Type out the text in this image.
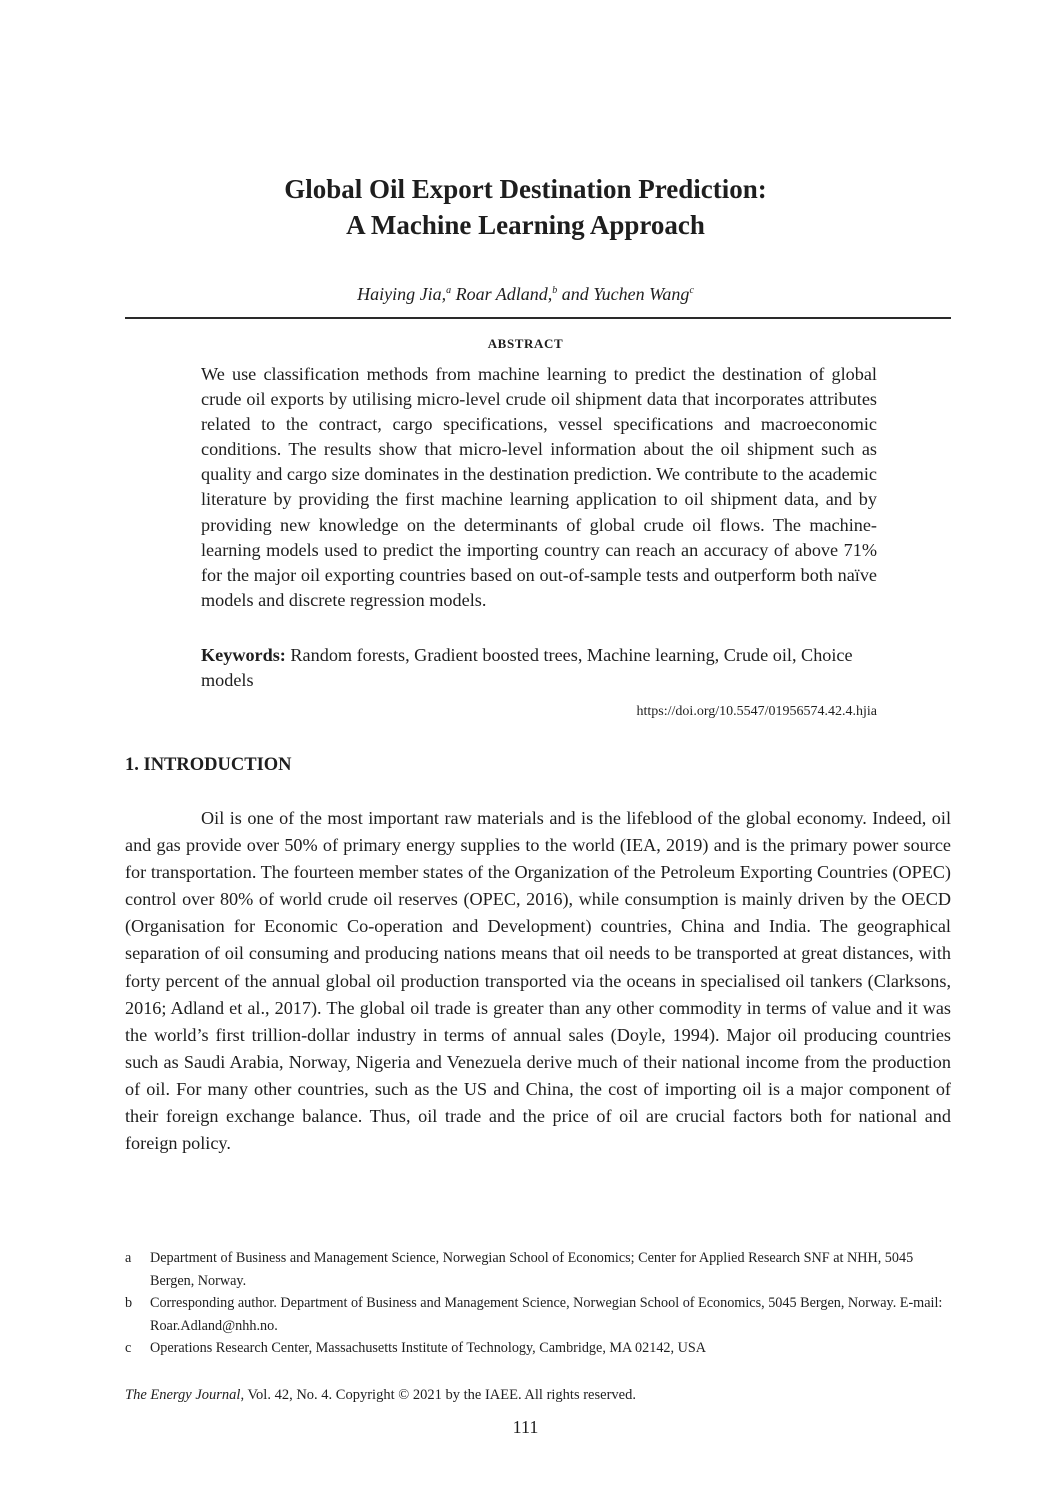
Global Oil Export Destination Prediction:
A Machine Learning Approach
Haiying Jia,$^a$ Roar Adland,$^b$ and Yuchen Wang$^c$
ABSTRACT

We use classification methods from machine learning to predict the destination of global crude oil exports by utilising micro-level crude oil shipment data that incorporates attributes related to the contract, cargo specifications, vessel specifications and macroeconomic conditions. The results show that micro-level information about the oil shipment such as quality and cargo size dominates in the destination prediction. We contribute to the academic literature by providing the first machine learning application to oil shipment data, and by providing new knowledge on the determinants of global crude oil flows. The machine-learning models used to predict the importing country can reach an accuracy of above 71% for the major oil exporting countries based on out-of-sample tests and outperform both naïve models and discrete regression models.

Keywords: Random forests, Gradient boosted trees, Machine learning, Crude oil, Choice models

https://doi.org/10.5547/01956574.42.4.hjia
1. INTRODUCTION

Oil is one of the most important raw materials and is the lifeblood of the global economy. Indeed, oil and gas provide over 50% of primary energy supplies to the world (IEA, 2019) and is the primary power source for transportation. The fourteen member states of the Organization of the Petroleum Exporting Countries (OPEC) control over 80% of world crude oil reserves (OPEC, 2016), while consumption is mainly driven by the OECD (Organisation for Economic Co-operation and Development) countries, China and India. The geographical separation of oil consuming and producing nations means that oil needs to be transported at great distances, with forty percent of the annual global oil production transported via the oceans in specialised oil tankers (Clarksons, 2016; Adland et al., 2017). The global oil trade is greater than any other commodity in terms of value and it was the world’s first trillion-dollar industry in terms of annual sales (Doyle, 1994). Major oil producing countries such as Saudi Arabia, Norway, Nigeria and Venezuela derive much of their national income from the production of oil. For many other countries, such as the US and China, the cost of importing oil is a major component of their foreign exchange balance. Thus, oil trade and the price of oil are crucial factors both for national and foreign policy.

a Department of Business and Management Science, Norwegian School of Economics; Center for Applied Research SNF at NHH, 5045 Bergen, Norway.
b Corresponding author. Department of Business and Management Science, Norwegian School of Economics, 5045 Bergen, Norway. E-mail: Roar.Adland@nhh.no.
c Operations Research Center, Massachusetts Institute of Technology, Cambridge, MA 02142, USA
The Energy Journal, Vol. 42, No. 4. Copyright © 2021 by the IAEE. All rights reserved.
111
